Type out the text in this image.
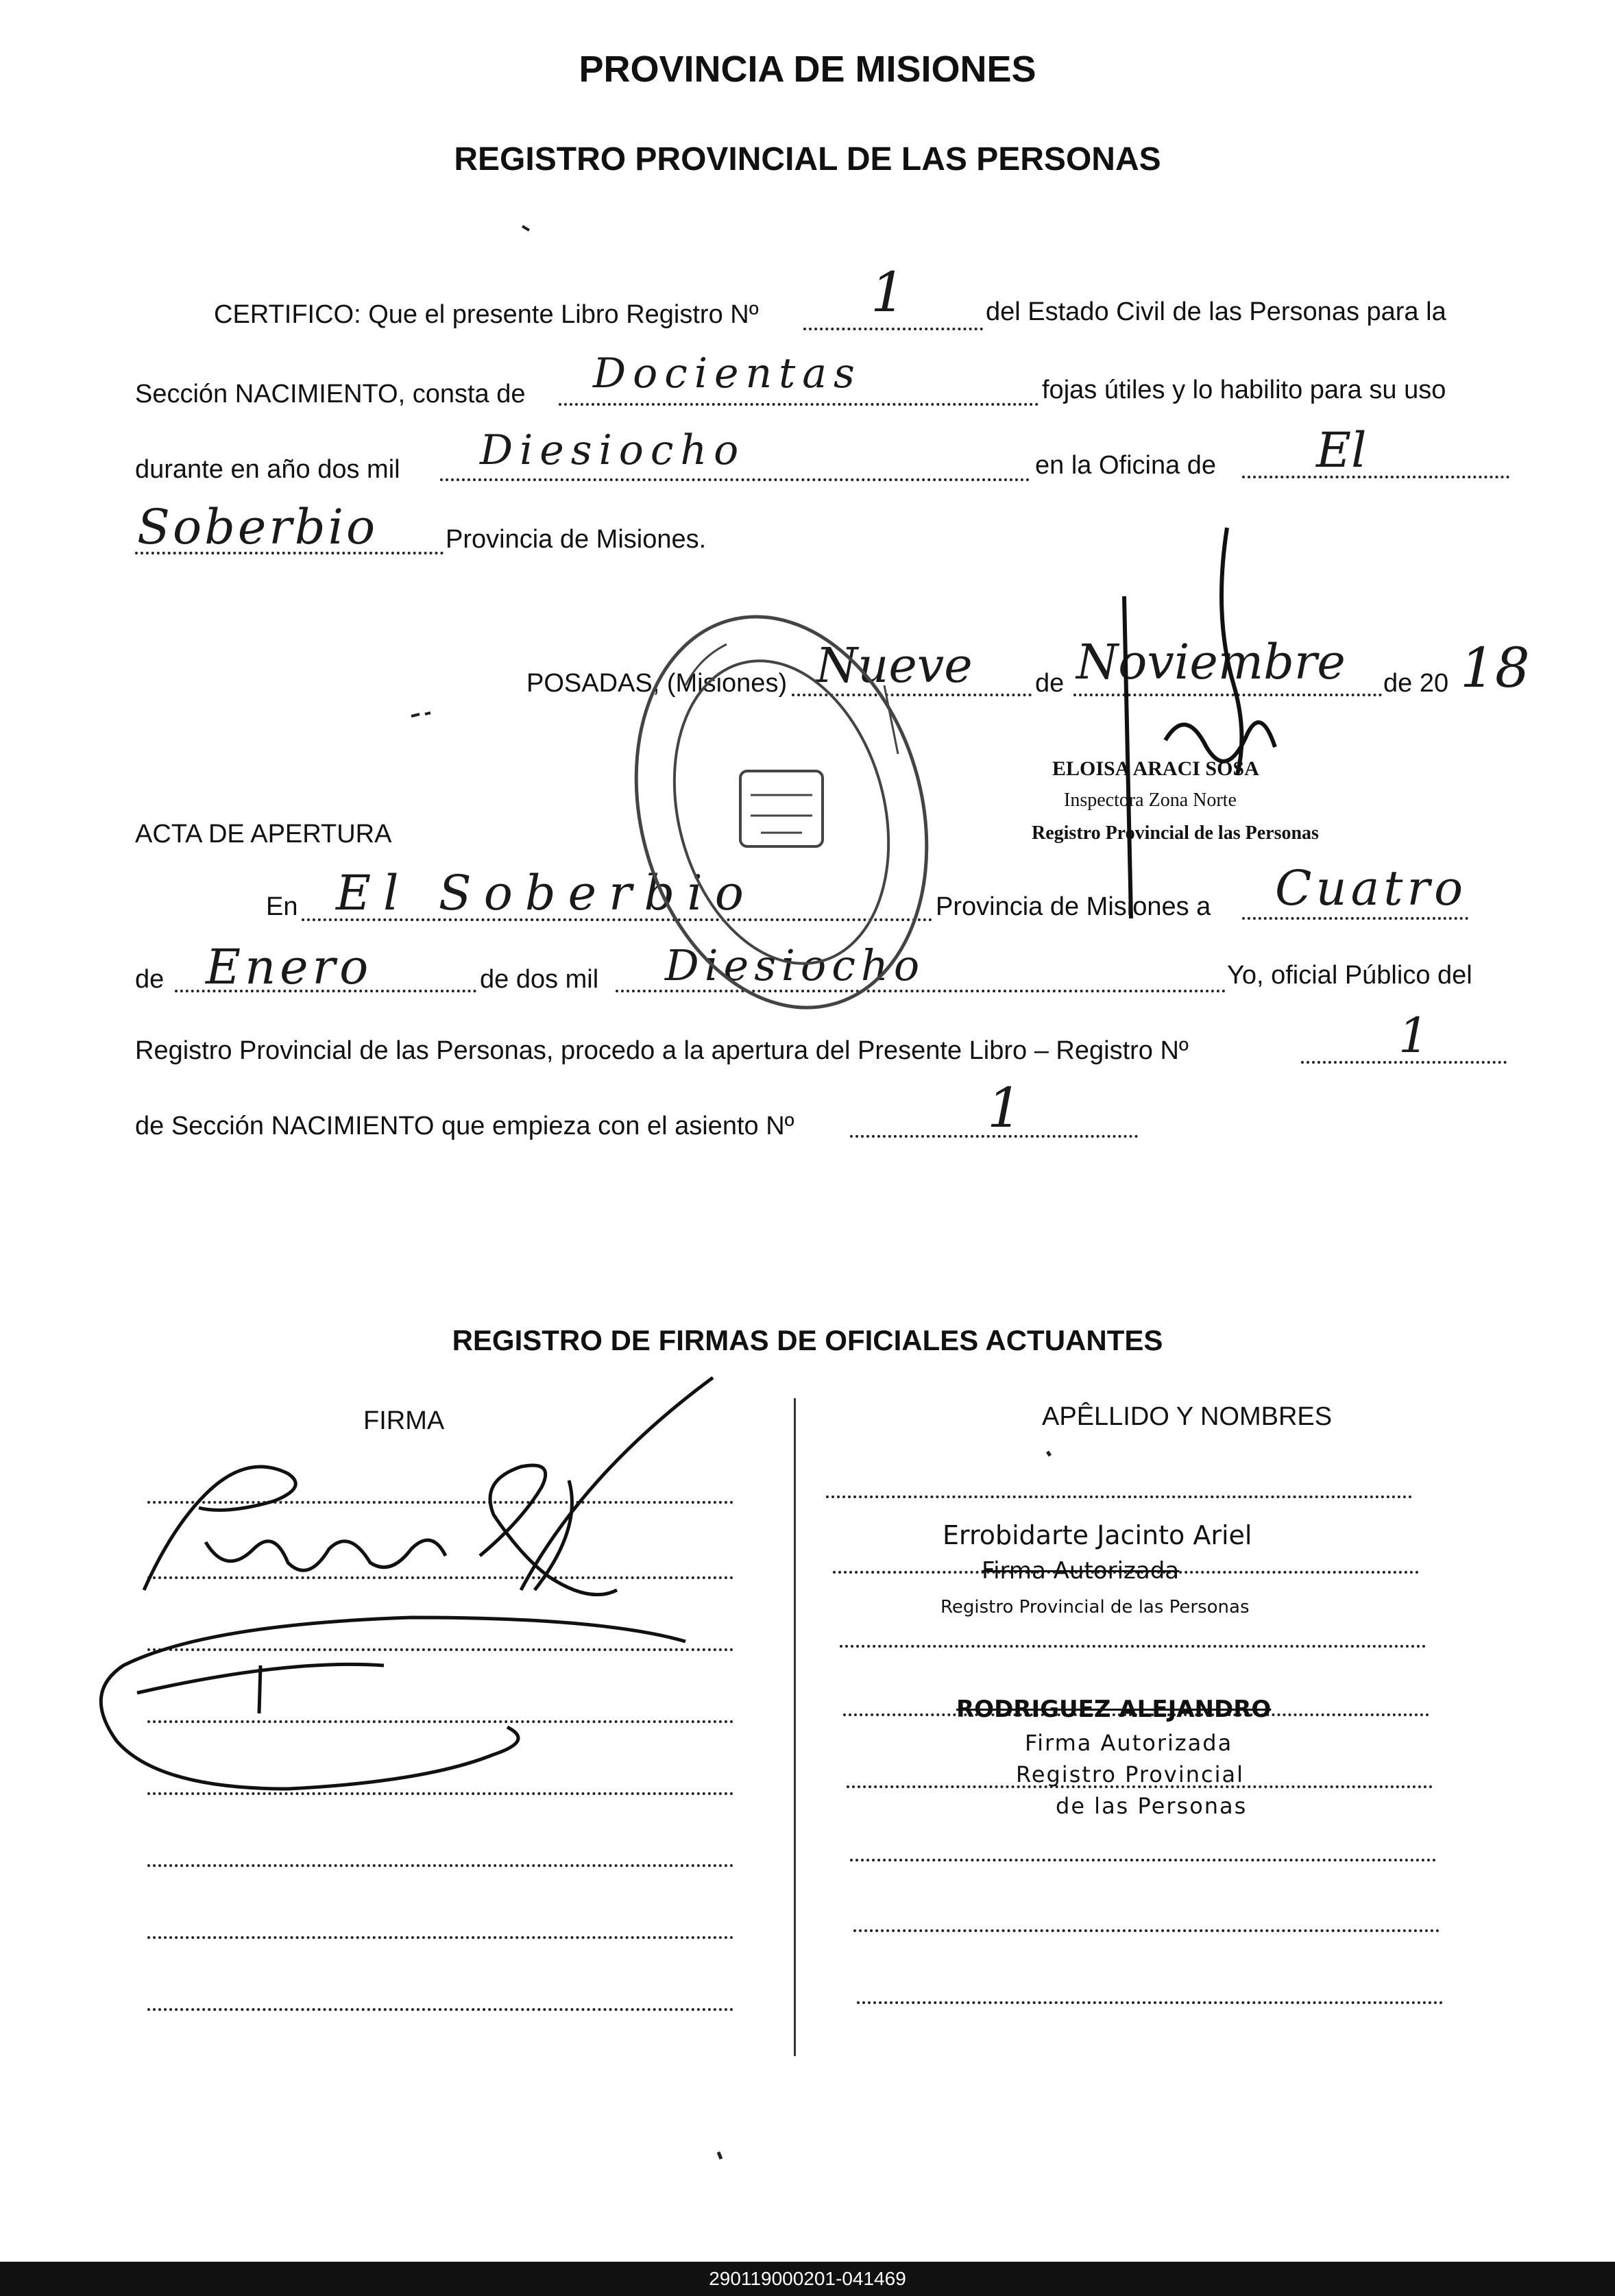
PROVINCIA DE MISIONES
REGISTRO PROVINCIAL DE LAS PERSONAS
CERTIFICO: Que el presente Libro Registro Nº 1	del Estado Civil de las Personas para la
Sección NACIMIENTO, consta de Docientas	fojas útiles y lo habilito para su uso
durante en año dos mil Diesiocho	en la Oficina de El
Soberbio	Provincia de Misiones.
POSADAS, (Misiones) Nueve de Noviembre de 20 18
ELOISA ARACI SOSA
Inspectora Zona Norte
Registro Provincial de las Personas
ACTA DE APERTURA
En El Soberbio	Provincia de Misiones a Cuatro
de Enero	de dos mil Diesiocho	Yo, oficial Público del
Registro Provincial de las Personas, procedo a la apertura del Presente Libro – Registro Nº	1
de Sección NACIMIENTO que empieza con el asiento Nº	1
REGISTRO DE FIRMAS DE OFICIALES ACTUANTES
FIRMA	APÊLLIDO Y NOMBRES
Errobidarte Jacinto Ariel
Firma Autorizada
Registro Provincial de las Personas
RODRIGUEZ ALEJANDRO
Firma Autorizada
Registro Provincial
de las Personas
290119000201-041469
